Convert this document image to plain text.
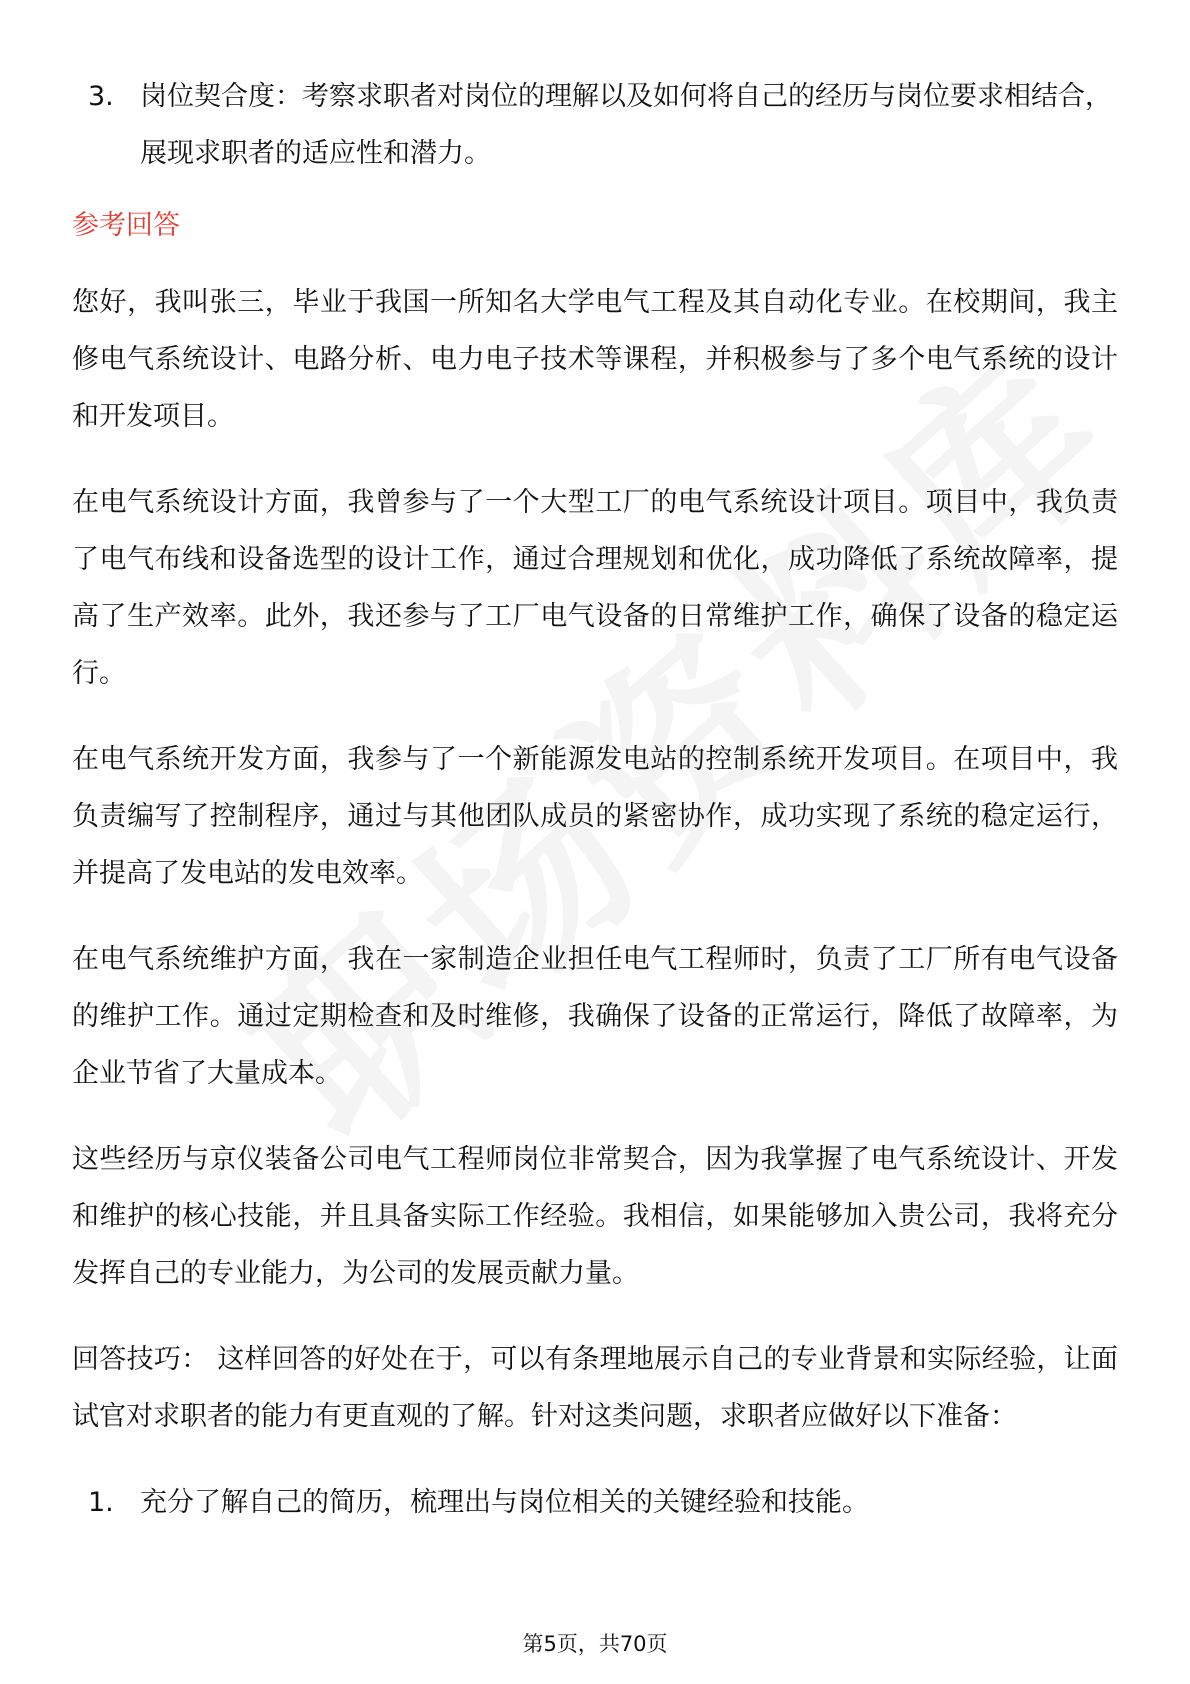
3. 岗位契合度：考察求职者对岗位的理解以及如何将自己的经历与岗位要求相结合，展现求职者的适应性和潜力。
参考回答

您好，我叫张三，毕业于我国一所知名大学电气工程及其自动化专业。在校期间，我主修电气系统设计、电路分析、电力电子技术等课程，并积极参与了多个电气系统的设计和开发项目。

在电气系统设计方面，我曾参与了一个大型工厂的电气系统设计项目。项目中，我负责了电气布线和设备选型的设计工作，通过合理规划和优化，成功降低了系统故障率，提高了生产效率。此外，我还参与了工厂电气设备的日常维护工作，确保了设备的稳定运行。

在电气系统开发方面，我参与了一个新能源发电站的控制系统开发项目。在项目中，我负责编写了控制程序，通过与其他团队成员的紧密协作，成功实现了系统的稳定运行，并提高了发电站的发电效率。

在电气系统维护方面，我在一家制造企业担任电气工程师时，负责了工厂所有电气设备的维护工作。通过定期检查和及时维修，我确保了设备的正常运行，降低了故障率，为企业节省了大量成本。

这些经历与京仪装备公司电气工程师岗位非常契合，因为我掌握了电气系统设计、开发和维护的核心技能，并且具备实际工作经验。我相信，如果能够加入贵公司，我将充分发挥自己的专业能力，为公司的发展贡献力量。

回答技巧： 这样回答的好处在于，可以有条理地展示自己的专业背景和实际经验，让面试官对求职者的能力有更直观的了解。针对这类问题，求职者应做好以下准备：

1. 充分了解自己的简历，梳理出与岗位相关的关键经验和技能。
第5页，共70页
